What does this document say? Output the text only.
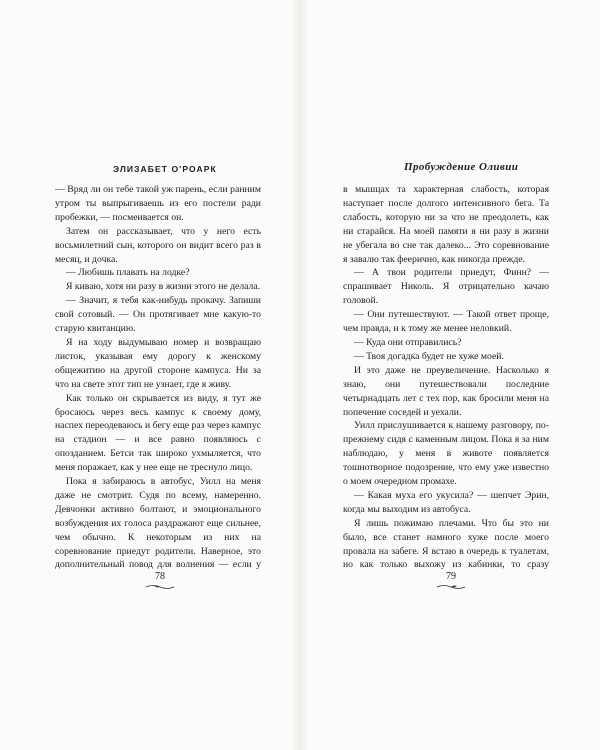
ЭЛИЗАБЕТ О'РОАРК

— Вряд ли он тебе такой уж парень, если ранним утром ты выпрыгиваешь из его постели ради пробежки, — посмеивается он.

Затем он рассказывает, что у него есть восьмилетний сын, которого он видит всего раз в месяц, и дочка.

— Любишь плавать на лодке?

Я киваю, хотя ни разу в жизни этого не делала.

— Значит, я тебя как-нибудь прокачу. Запиши свой сотовый. — Он протягивает мне какую-то старую квитанцию.

Я на ходу выдумываю номер и возвращаю листок, указывая ему дорогу к женскому общежитию на другой стороне кампуса. Ни за что на свете этот тип не узнает, где я живу.

Как только он скрывается из виду, я тут же бросаюсь через весь кампус к своему дому, наспех переодеваюсь и бегу еще раз через кампус на стадион — и все равно появляюсь с опозданием. Бетси так широко ухмыляется, что меня поражает, как у нее еще не треснуло лицо.

Пока я забираюсь в автобус, Уилл на меня даже не смотрит. Судя по всему, намеренно. Девчонки активно болтают, и эмоционального возбуждения их голоса раздражают еще сильнее, чем обычно. К некоторым из них на соревнование приедут родители. Наверное, это дополнительный повод для волнения — если у

78
Пробуждение Оливии

в мышцах та характерная слабость, которая наступает после долгого интенсивного бега. Та слабость, которую ни за что не преодолеть, как ни старайся. На моей памяти я ни разу в жизни не убегала во сне так далеко... Это соревнование я завалю так феерично, как никогда прежде.

— А твои родители приедут, Финн? — спрашивает Николь. Я отрицательно качаю головой.

— Они путешествуют. — Такой ответ проще, чем правда, и к тому же менее неловкий.

— Куда они отправились?

— Твоя догадка будет не хуже моей.

И это даже не преувеличение. Насколько я знаю, они путешествовали последние четырнадцать лет с тех пор, как бросили меня на попечение соседей и уехали.

Уилл прислушивается к нашему разговору, по-прежнему сидя с каменным лицом. Пока я за ним наблюдаю, у меня в животе появляется тошнотворное подозрение, что ему уже известно о моем очередном промахе.

— Какая муха его укусила? — шепчет Эрин, когда мы выходим из автобуса.

Я лишь пожимаю плечами. Что бы это ни было, все станет намного хуже после моего провала на забеге. Я встаю в очередь к туалетам, но как только выхожу из кабинки, то сразу

79
